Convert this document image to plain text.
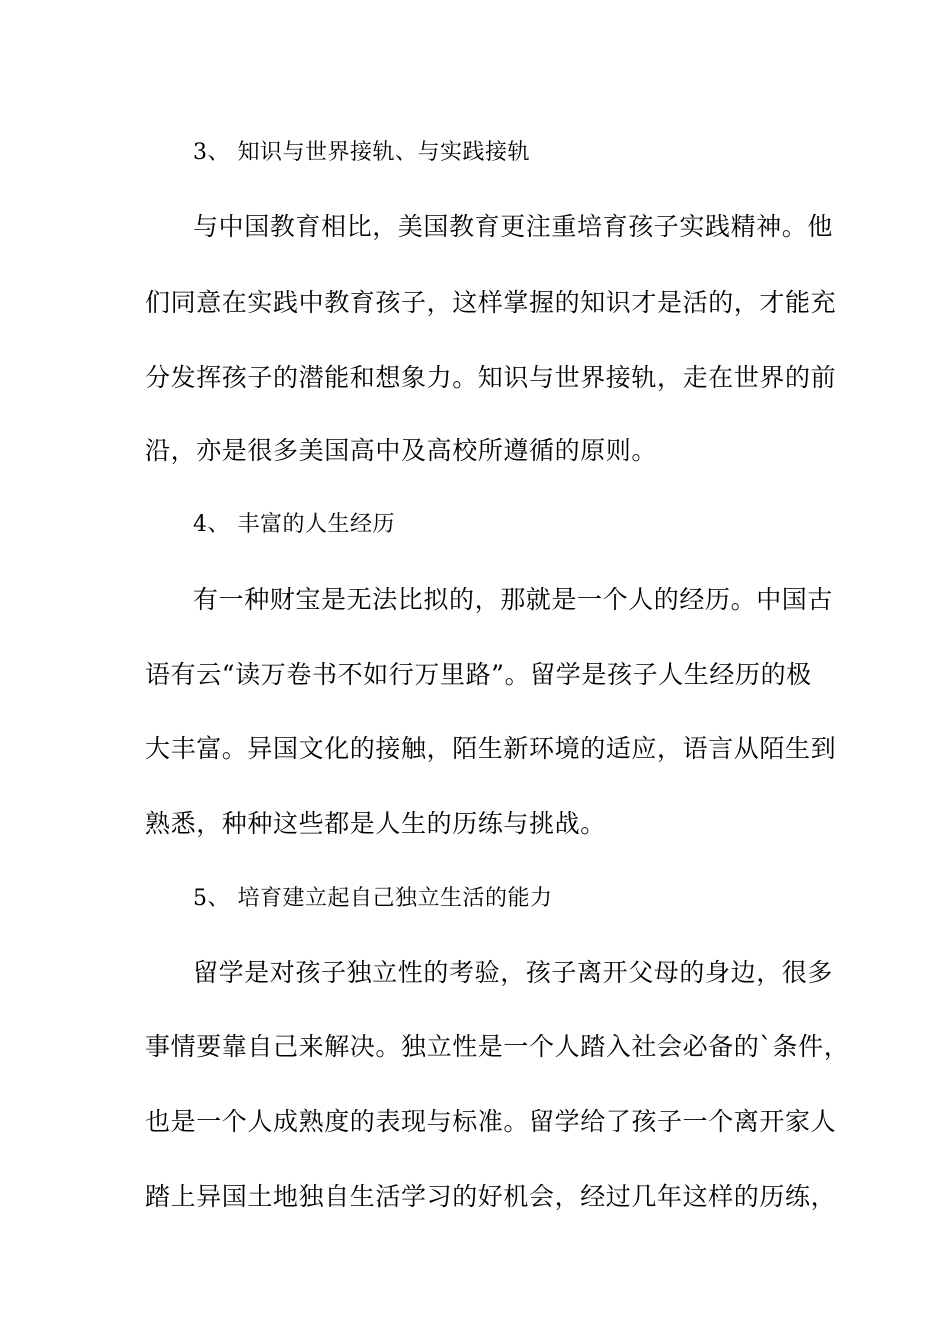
3、 知识与世界接轨、与实践接轨
与中国教育相比，美国教育更注重培育孩子实践精神。他
们同意在实践中教育孩子，这样掌握的知识才是活的，才能充
分发挥孩子的潜能和想象力。知识与世界接轨，走在世界的前
沿，亦是很多美国高中及高校所遵循的原则。
4、 丰富的人生经历
有一种财宝是无法比拟的，那就是一个人的经历。中国古
语有云“读万卷书不如行万里路”。留学是孩子人生经历的极
大丰富。异国文化的接触，陌生新环境的适应，语言从陌生到
熟悉，种种这些都是人生的历练与挑战。
5、 培育建立起自己独立生活的能力
留学是对孩子独立性的考验，孩子离开父母的身边，很多
事情要靠自己来解决。独立性是一个人踏入社会必备的`条件，
也是一个人成熟度的表现与标准。留学给了孩子一个离开家人
踏上异国土地独自生活学习的好机会，经过几年这样的历练，
